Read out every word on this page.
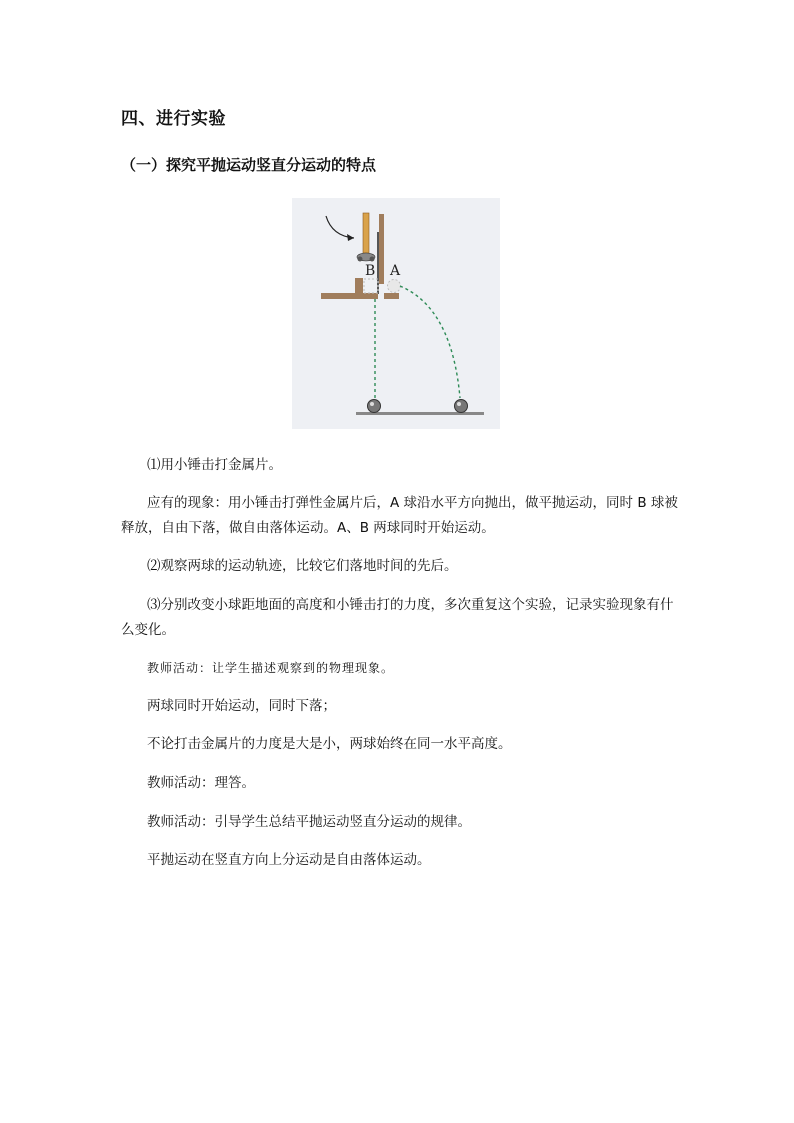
四、进行实验
（一）探究平抛运动竖直分运动的特点
B A
⑴用小锤击打金属片。
应有的现象：用小锤击打弹性金属片后，A 球沿水平方向抛出，做平抛运动，同时 B 球被释放，自由下落，做自由落体运动。A、B 两球同时开始运动。
⑵观察两球的运动轨迹，比较它们落地时间的先后。
⑶分别改变小球距地面的高度和小锤击打的力度，多次重复这个实验，记录实验现象有什么变化。
教师活动：让学生描述观察到的物理现象。
两球同时开始运动，同时下落；
不论打击金属片的力度是大是小，两球始终在同一水平高度。
教师活动：理答。
教师活动：引导学生总结平抛运动竖直分运动的规律。
平抛运动在竖直方向上分运动是自由落体运动。
